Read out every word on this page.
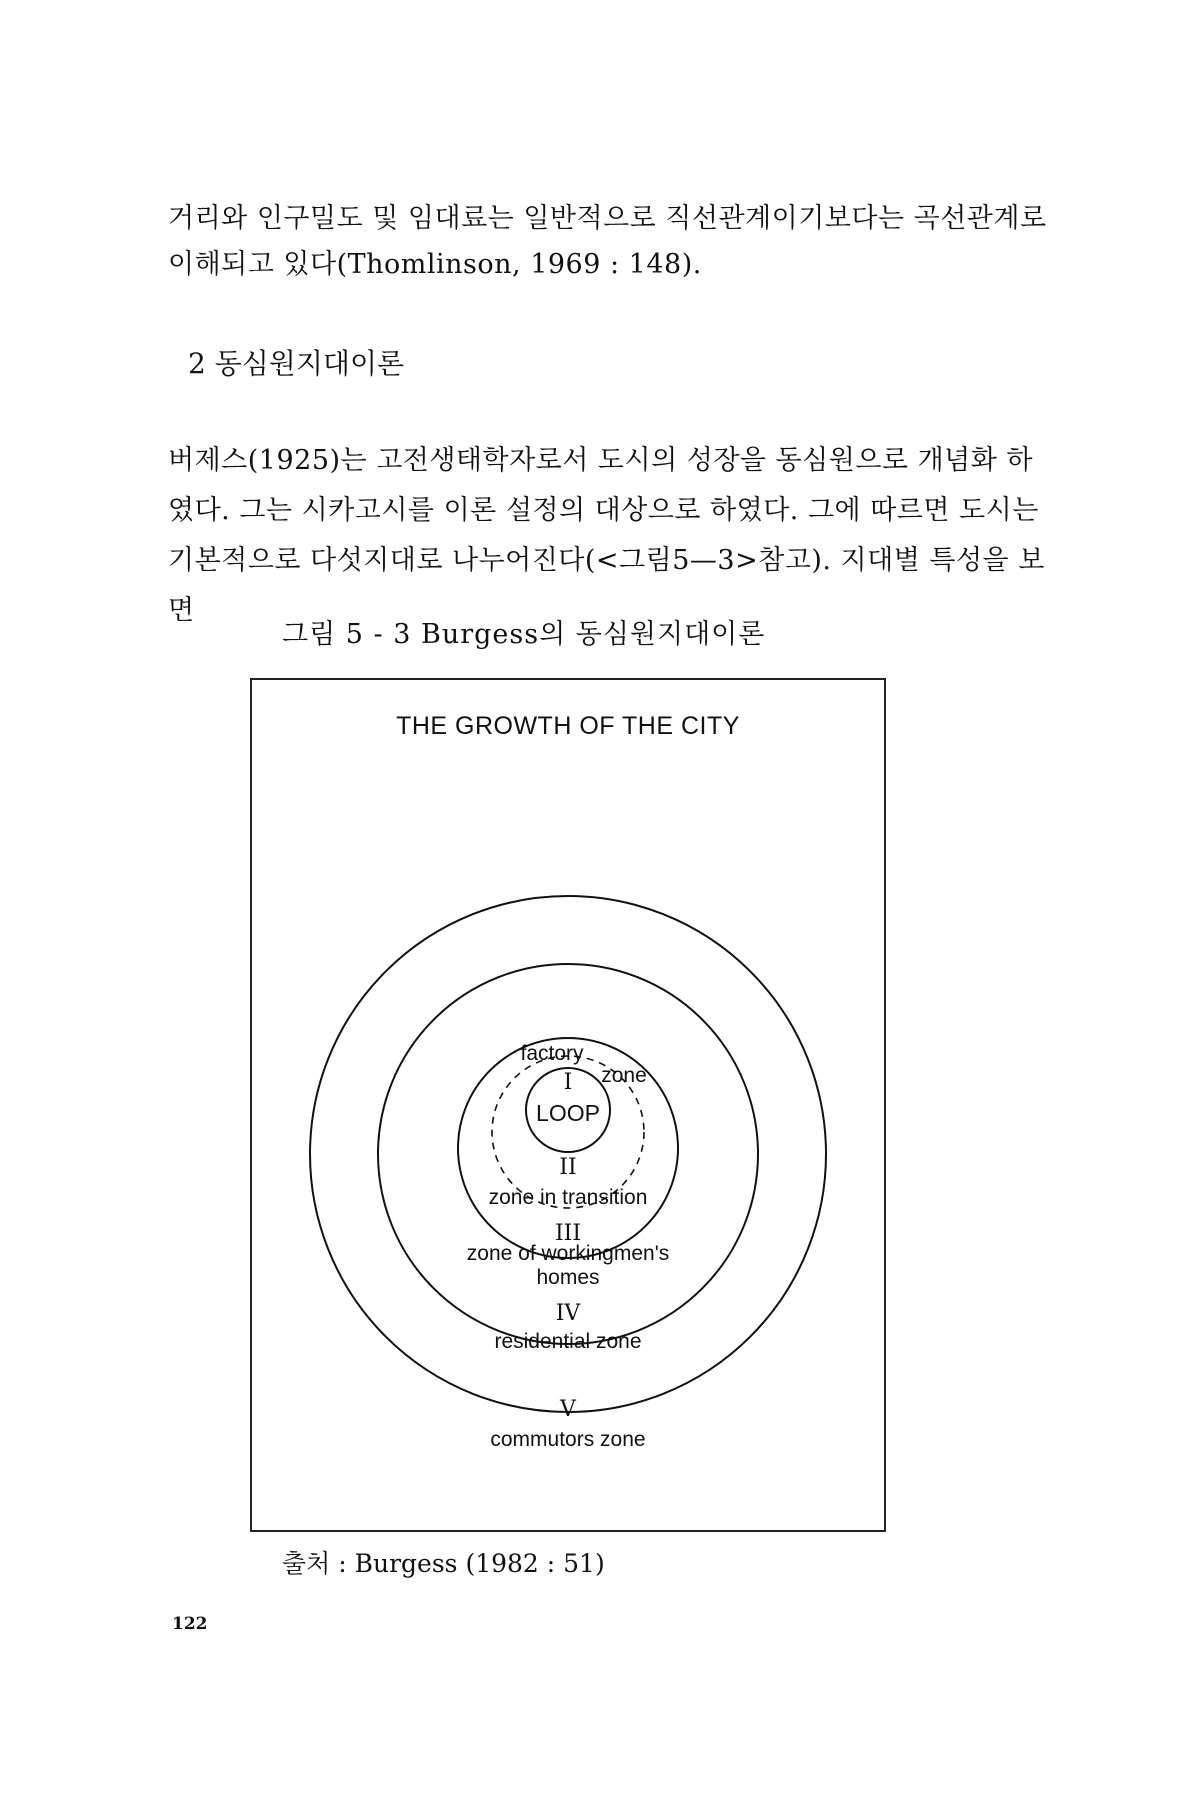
거리와 인구밀도 및 임대료는 일반적으로 직선관계이기보다는 곡선관계로 이해되고 있다(Thomlinson, 1969 : 148).

2 동심원지대이론

버제스(1925)는 고전생태학자로서 도시의 성장을 동심원으로 개념화 하였다. 그는 시카고시를 이론 설정의 대상으로 하였다. 그에 따르면 도시는 기본적으로 다섯지대로 나누어진다(<그림5—3>참고). 지대별 특성을 보면

그림 5 - 3 Burgess의 동심원지대이론

THE GROWTH OF THE CITY
I
LOOP
factory
zone
II
zone in transition
III
zone of workingmen's
homes
IV
residential zone
V
commutors zone

출처 : Burgess (1982 : 51)

122
